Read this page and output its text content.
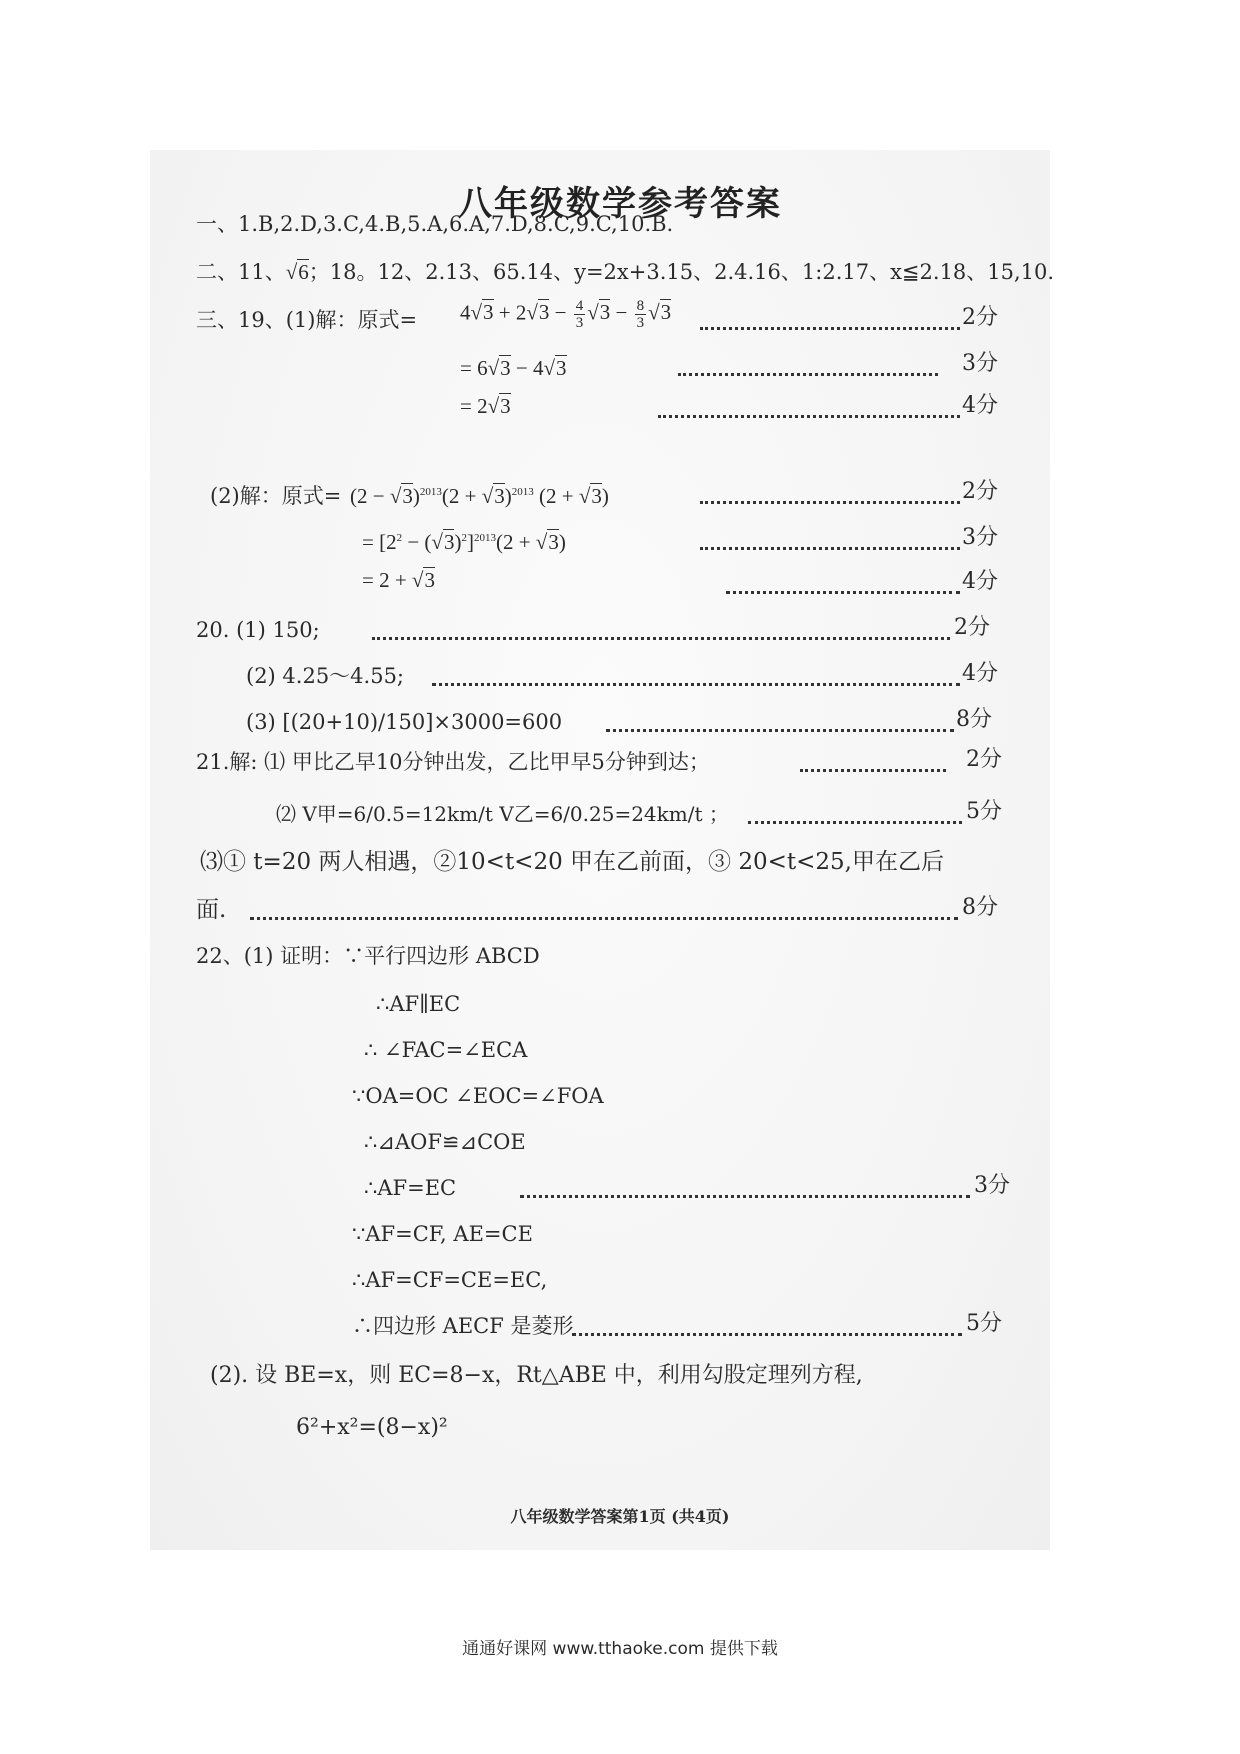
八年级数学参考答案
一、1.B,2.D,3.C,4.B,5.A,6.A,7.D,8.C,9.C,10.B.
二、11、√6；18。12、2.13、65.14、y=2x+3.15、2.4.16、1:2.17、x≦2.18、15,10.
三、19、(1)解：原式= $4√3 + 2√3 - \frac{4}{3} √3 - \frac{8}{3} √3$	2分
= 6√3 − 4√3	3分
= 2√3	4分
(2)解：原式= $(2 - √3)^{2013}(2 + √3)^{2013}$ (2 + √3)	2分
= $[2^2 - (√3)^2]^{2013}(2 + √3)$	3分
= 2 + √3	4分
20. (1) 150;	2分
(2) 4.25～4.55;	4分
(3) [(20+10)/150]×3000=600	8分
21.解: ⑴ 甲比乙早10分钟出发，乙比甲早5分钟到达；	2分
⑵ V甲=6/0.5=12km/t V乙=6/0.25=24km/t ；	5分
⑶① t=20 两人相遇，②10<t<20 甲在乙前面，③ 20<t<25,甲在乙后
面.	8分
22、(1) 证明：∵平行四边形 ABCD
∴AF∥EC
∴ ∠FAC=∠ECA
∵OA=OC ∠EOC=∠FOA
∴⊿AOF≌⊿COE
∴AF=EC	3分
∵AF=CF, AE=CE
∴AF=CF=CE=EC,
∴四边形 AECF 是菱形	5分
(2). 设 BE=x，则 EC=8−x，Rt△ABE 中，利用勾股定理列方程,
6²+x²=(8−x)²
八年级数学答案第1页 (共4页)
通通好课网 www.tthaoke.com 提供下载
